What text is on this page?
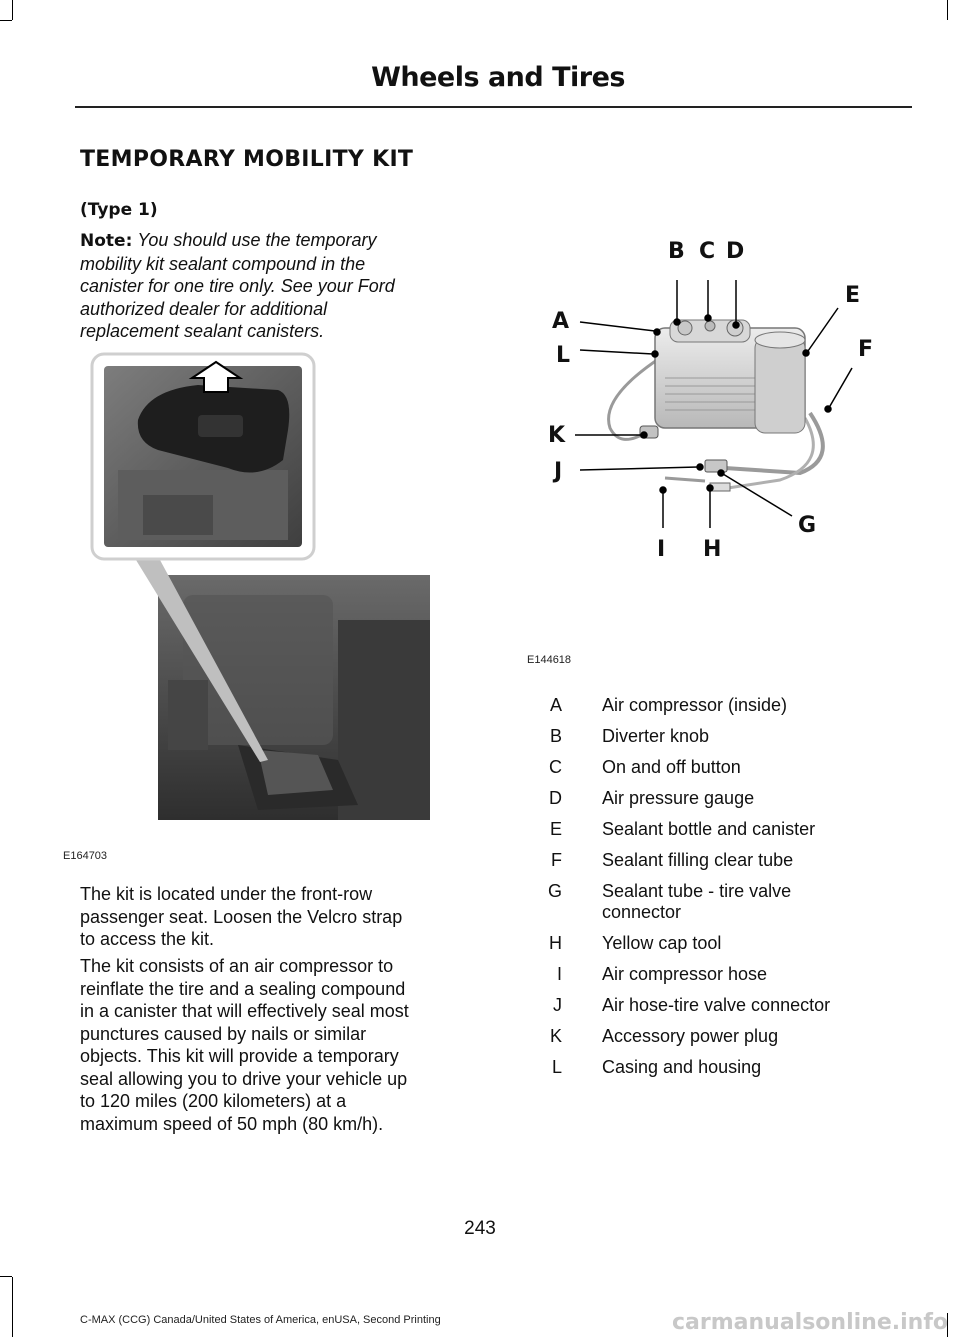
Wheels and Tires
TEMPORARY MOBILITY KIT
(Type 1)
Note: You should use the temporary
mobility kit sealant compound in the
canister for one tire only. See your Ford
authorized dealer for additional
replacement sealant canisters.
E164703
The kit is located under the front-row
passenger seat. Loosen the Velcro strap
to access the kit.
The kit consists of an air compressor to
reinflate the tire and a sealing compound
in a canister that will effectively seal most
punctures caused by nails or similar
objects. This kit will provide a temporary
seal allowing you to drive your vehicle up
to 120 miles (200 kilometers) at a
maximum speed of 50 mph (80 km/h).
B C D
E
A
F
L
K
J
G
I H
E144618
A Air compressor (inside)
B Diverter knob
C On and off button
D Air pressure gauge
E Sealant bottle and canister
F Sealant filling clear tube
G Sealant tube - tire valve
connector
H Yellow cap tool
I Air compressor hose
J Air hose-tire valve connector
K Accessory power plug
L Casing and housing
243
C-MAX (CCG) Canada/United States of America, enUSA, Second Printing	carmanualsonline.info
